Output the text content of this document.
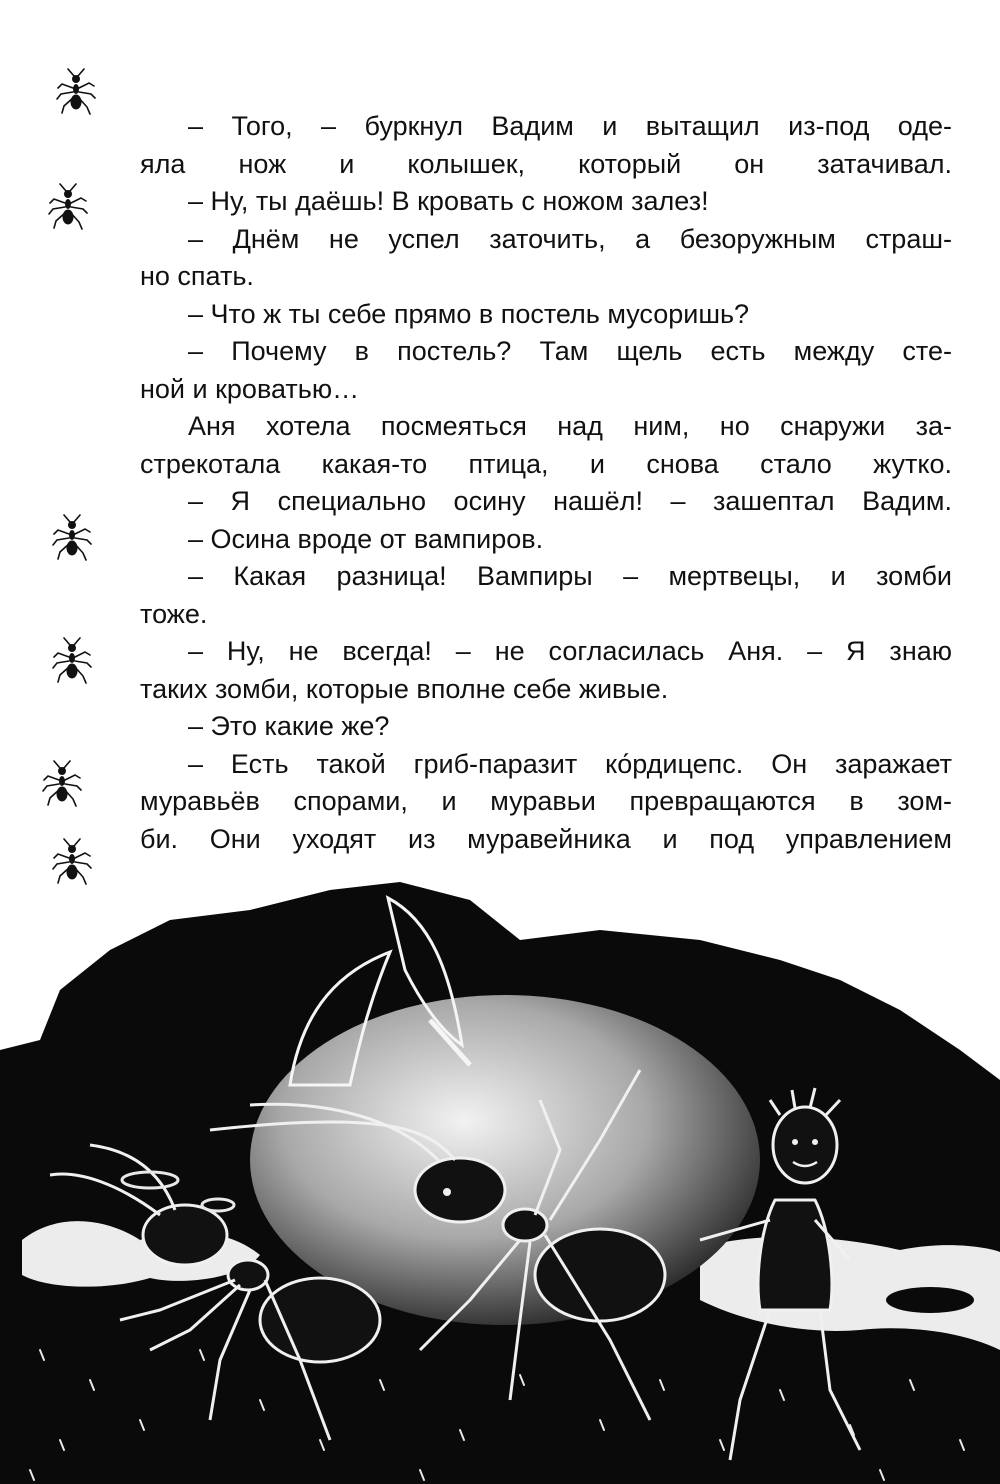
– Того, – буркнул Вадим и вытащил из-под оде-
яла нож и колышек, который он затачивал.
– Ну, ты даёшь! В кровать с ножом залез!
– Днём не успел заточить, а безоружным страш-
но спать.
– Что ж ты себе прямо в постель мусоришь?
– Почему в постель? Там щель есть между сте-
ной и кроватью…
Аня хотела посмеяться над ним, но снаружи за-
стрекотала какая-то птица, и снова стало жутко.
– Я специально осину нашёл! – зашептал Вадим.
– Осина вроде от вампиров.
– Какая разница! Вампиры – мертвецы, и зомби
тоже.
– Ну, не всегда! – не согласилась Аня. – Я знаю
таких зомби, которые вполне себе живые.
– Это какие же?
– Есть такой гриб-паразит ко́рдицепс. Он заражает
муравьёв спорами, и муравьи превращаются в зом-
би. Они уходят из муравейника и под управлением
